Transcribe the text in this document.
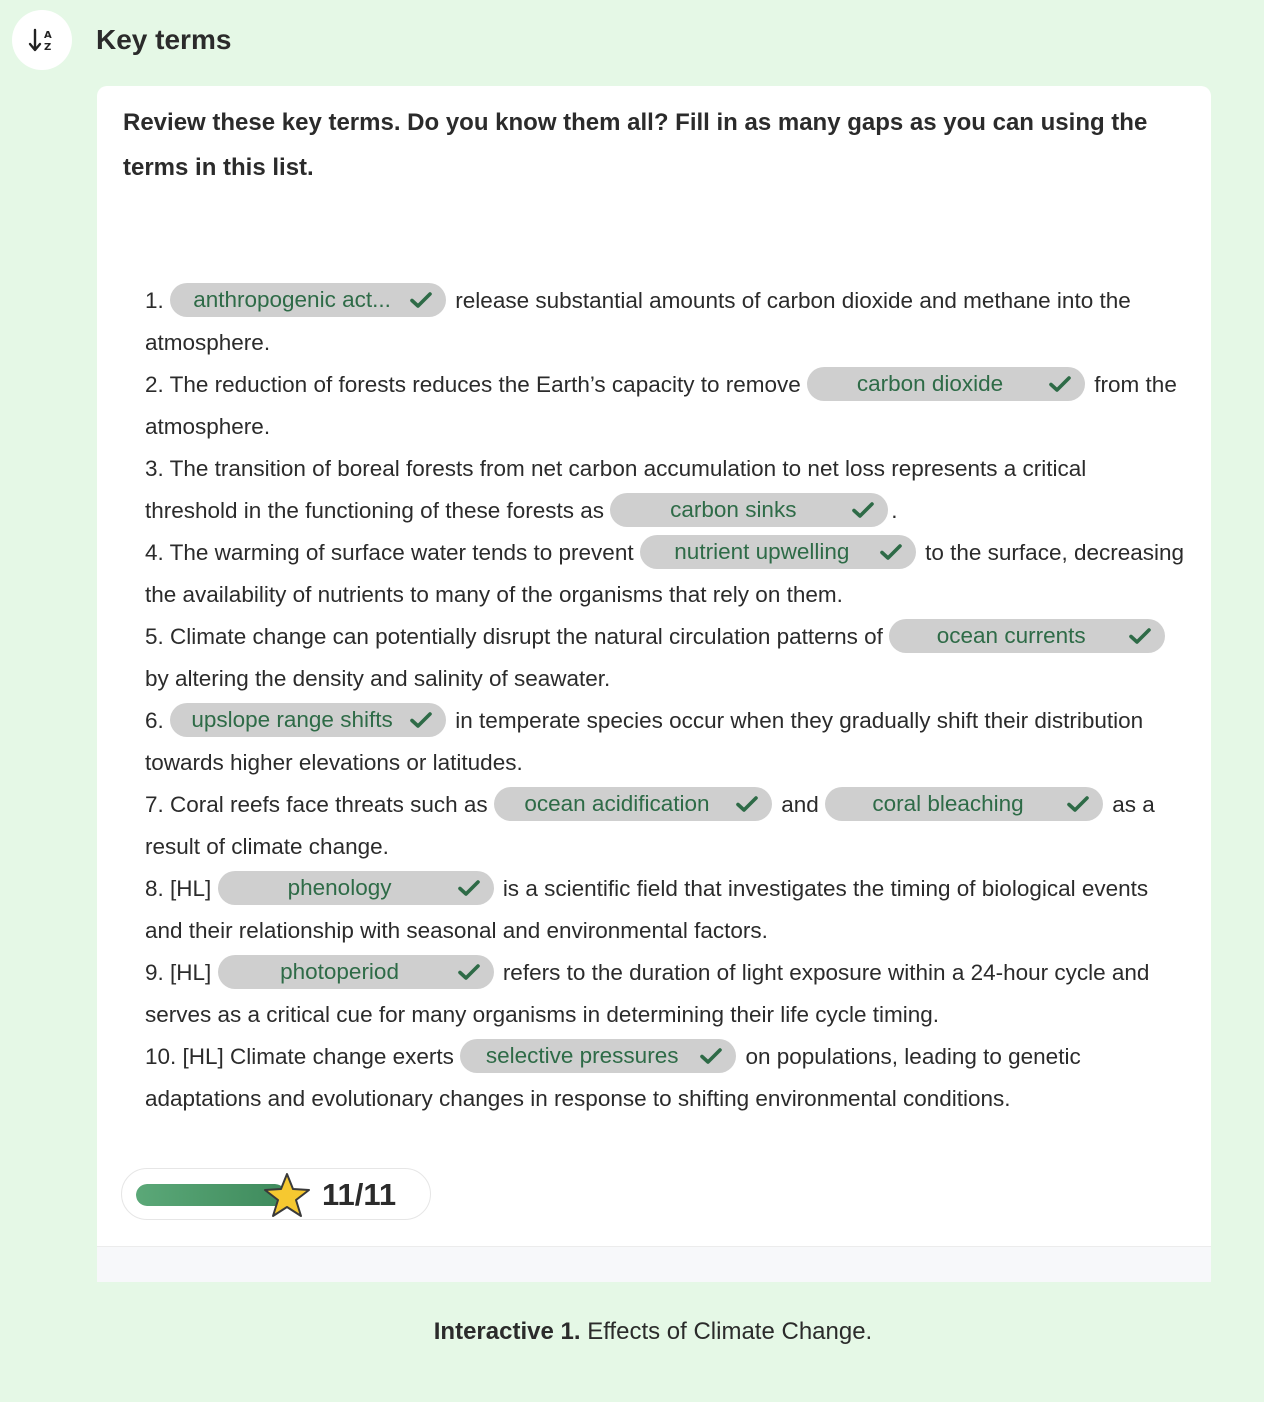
A
Z Key terms
Review these key terms. Do you know them all? Fill in as many gaps as you can using the terms in this list.

1.	anthropogenic act...	release substantial amounts of carbon dioxide and methane into the atmosphere.

2. The reduction of forests reduces the Earth’s capacity to remove	carbon dioxide	from the atmosphere.

3. The transition of boreal forests from net carbon accumulation to net loss represents a critical threshold in the functioning of these forests as	carbon sinks	.

4. The warming of surface water tends to prevent	nutrient upwelling	to the surface, decreasing the availability of nutrients to many of the organisms that rely on them.

5. Climate change can potentially disrupt the natural circulation patterns of	ocean currents
by altering the density and salinity of seawater.

6.	upslope range shifts	in temperate species occur when they gradually shift their distribution towards higher elevations or latitudes.

7. Coral reefs face threats such as	ocean acidification	and	coral bleaching	as a result of climate change.

8. [HL]	phenology	is a scientific field that investigates the timing of biological events and their relationship with seasonal and environmental factors.

9. [HL]	photoperiod	refers to the duration of light exposure within a 24-hour cycle and serves as a critical cue for many organisms in determining their life cycle timing.

10. [HL] Climate change exerts	selective pressures	on populations, leading to genetic adaptations and evolutionary changes in response to shifting environmental conditions.

11/11
Interactive 1. Effects of Climate Change.
